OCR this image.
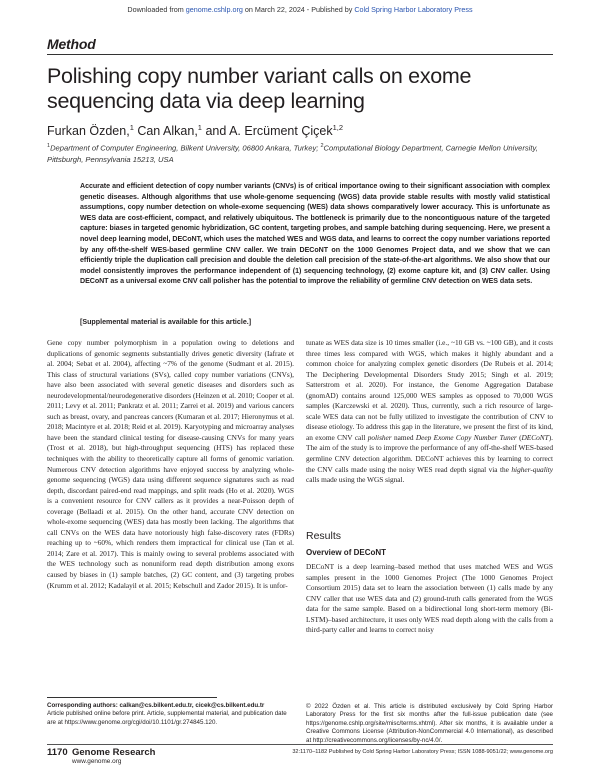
Downloaded from genome.cshlp.org on March 22, 2024 - Published by Cold Spring Harbor Laboratory Press
Method
Polishing copy number variant calls on exome sequencing data via deep learning
Furkan Özden,$^1$ Can Alkan,$^1$ and A. Ercüment Çiçek$^{1,2}$
$^1$Department of Computer Engineering, Bilkent University, 06800 Ankara, Turkey; $^2$Computational Biology Department, Carnegie Mellon University, Pittsburgh, Pennsylvania 15213, USA
Accurate and efficient detection of copy number variants (CNVs) is of critical importance owing to their significant association with complex genetic diseases. Although algorithms that use whole-genome sequencing (WGS) data provide stable results with mostly valid statistical assumptions, copy number detection on whole-exome sequencing (WES) data shows comparatively lower accuracy. This is unfortunate as WES data are cost-efficient, compact, and relatively ubiquitous. The bottleneck is primarily due to the noncontiguous nature of the targeted capture: biases in targeted genomic hybridization, GC content, targeting probes, and sample batching during sequencing. Here, we present a novel deep learning model, DECoNT, which uses the matched WES and WGS data, and learns to correct the copy number variations reported by any off-the-shelf WES-based germline CNV caller. We train DECoNT on the 1000 Genomes Project data, and we show that we can efficiently triple the duplication call precision and double the deletion call precision of the state-of-the-art algorithms. We also show that our model consistently improves the performance independent of (1) sequencing technology, (2) exome capture kit, and (3) CNV caller. Using DECoNT as a universal exome CNV call polisher has the potential to improve the reliability of germline CNV detection on WES data sets.
[Supplemental material is available for this article.]

Gene copy number polymorphism in a population owing to deletions and duplications of genomic segments substantially drives genetic diversity (Iafrate et al. 2004; Sebat et al. 2004), affecting ~7% of the genome (Sudmant et al. 2015). This class of structural variations (SVs), called copy number variations (CNVs), have also been associated with several genetic diseases and disorders such as neurodevelopmental/neurodegenerative disorders (Heinzen et al. 2010; Cooper et al. 2011; Levy et al. 2011; Pankratz et al. 2011; Zarrei et al. 2019) and various cancers such as breast, ovary, and pancreas cancers (Kumaran et al. 2017; Hieronymus et al. 2018; Macintyre et al. 2018; Reid et al. 2019). Karyotyping and microarray analyses have been the standard clinical testing for disease-causing CNVs for many years (Trost et al. 2018), but high-throughput sequencing (HTS) has replaced these techniques with the ability to theoretically capture all forms of genomic variation. Numerous CNV detection algorithms have enjoyed success by analyzing whole-genome sequencing (WGS) data using different sequence signatures such as read depth, discordant paired-end read mappings, and split reads (Ho et al. 2020). WGS is a convenient resource for CNV callers as it provides a near-Poisson depth of coverage (Bellaadi et al. 2015). On the other hand, accurate CNV detection on whole-exome sequencing (WES) data has mostly been lacking. The algorithms that call CNVs on the WES data have notoriously high false-discovery rates (FDRs) reaching up to ~60%, which renders them impractical for clinical use (Tan et al. 2014; Zare et al. 2017). This is mainly owing to several problems associated with the WES technology such as nonuniform read depth distribution among exons caused by biases in (1) sample batches, (2) GC content, and (3) targeting probes (Krumm et al. 2012; Kadalayil et al. 2015; Kebschull and Zador 2015). It is unfor-

tunate as WES data size is 10 times smaller (i.e., ~10 GB vs. ~100 GB), and it costs three times less compared with WGS, which makes it highly abundant and a common choice for analyzing complex genetic disorders (De Rubeis et al. 2014; The Deciphering Developmental Disorders Study 2015; Singh et al. 2019; Satterstrom et al. 2020). For instance, the Genome Aggregation Database (gnomAD) contains around 125,000 WES samples as opposed to 70,000 WGS samples (Karczewski et al. 2020). Thus, currently, such a rich resource of large-scale WES data can not be fully utilized to investigate the contribution of CNV to disease etiology. To address this gap in the literature, we present the first of its kind, an exome CNV call polisher named Deep Exome Copy Number Tuner (DECoNT). The aim of the study is to improve the performance of any off-the-shelf WES-based germline CNV detection algorithm. DECoNT achieves this by learning to correct the CNV calls made using the noisy WES read depth signal via the higher-quality calls made using the WGS signal.

Results
Overview of DECoNT

DECoNT is a deep learning–based method that uses matched WES and WGS samples present in the 1000 Genomes Project (The 1000 Genomes Project Consortium 2015) data set to learn the association between (1) calls made by any CNV caller that use WES data and (2) ground-truth calls generated from the WGS data for the same sample. Based on a bidirectional long short-term memory (Bi-LSTM)–based architecture, it uses only WES read depth along with the calls from a third-party caller and learns to correct noisy

Corresponding authors: calkan@cs.bilkent.edu.tr, cicek@cs.bilkent.edu.tr
Article published online before print. Article, supplemental material, and publication date are at https://www.genome.org/cgi/doi/10.1101/gr.274845.120.
© 2022 Özden et al. This article is distributed exclusively by Cold Spring Harbor Laboratory Press for the first six months after the full-issue publication date (see https://genome.cshlp.org/site/misc/terms.xhtml). After six months, it is available under a Creative Commons License (Attribution-NonCommercial 4.0 International), as described at http://creativecommons.org/licenses/by-nc/4.0/.
1170 Genome Research
www.genome.org
32:1170–1182 Published by Cold Spring Harbor Laboratory Press; ISSN 1088-9051/22; www.genome.org
